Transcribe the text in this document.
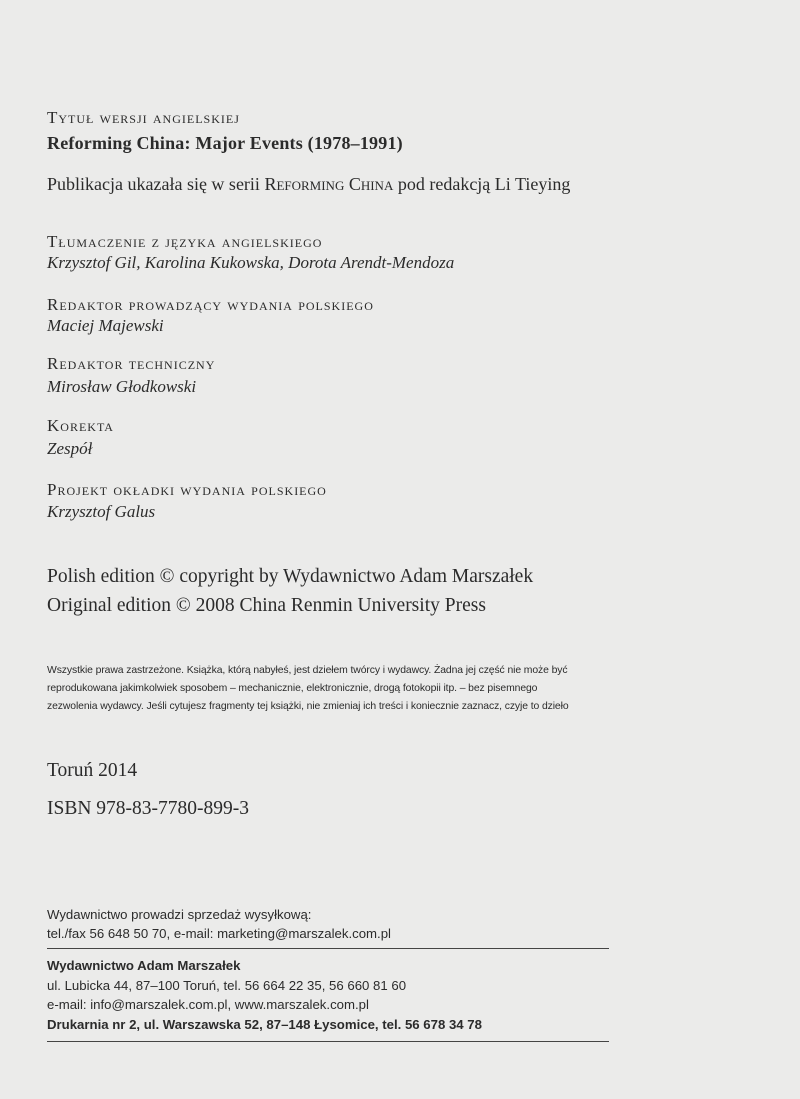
Tytuł wersji angielskiej
Reforming China: Major Events (1978–1991)
Publikacja ukazała się w serii Reforming China pod redakcją Li Tieying
Tłumaczenie z języka angielskiego
Krzysztof Gil, Karolina Kukowska, Dorota Arendt-Mendoza
Redaktor prowadzący wydania polskiego
Maciej Majewski
Redaktor techniczny
Mirosław Głodkowski
Korekta
Zespół
Projekt okładki wydania polskiego
Krzysztof Galus
Polish edition © copyright by Wydawnictwo Adam Marszałek
Original edition © 2008 China Renmin University Press
Wszystkie prawa zastrzeżone. Książka, którą nabyłeś, jest dziełem twórcy i wydawcy. Żadna jej część nie może być
reprodukowana jakimkolwiek sposobem – mechanicznie, elektronicznie, drogą fotokopii itp. – bez pisemnego
zezwolenia wydawcy. Jeśli cytujesz fragmenty tej książki, nie zmieniaj ich treści i koniecznie zaznacz, czyje to dzieło
Toruń 2014
ISBN 978-83-7780-899-3
Wydawnictwo prowadzi sprzedaż wysyłkową:
tel./fax 56 648 50 70, e-mail: marketing@marszalek.com.pl
Wydawnictwo Adam Marszałek
ul. Lubicka 44, 87–100 Toruń, tel. 56 664 22 35, 56 660 81 60
e-mail: info@marszalek.com.pl, www.marszalek.com.pl
Drukarnia nr 2, ul. Warszawska 52, 87–148 Łysomice, tel. 56 678 34 78
